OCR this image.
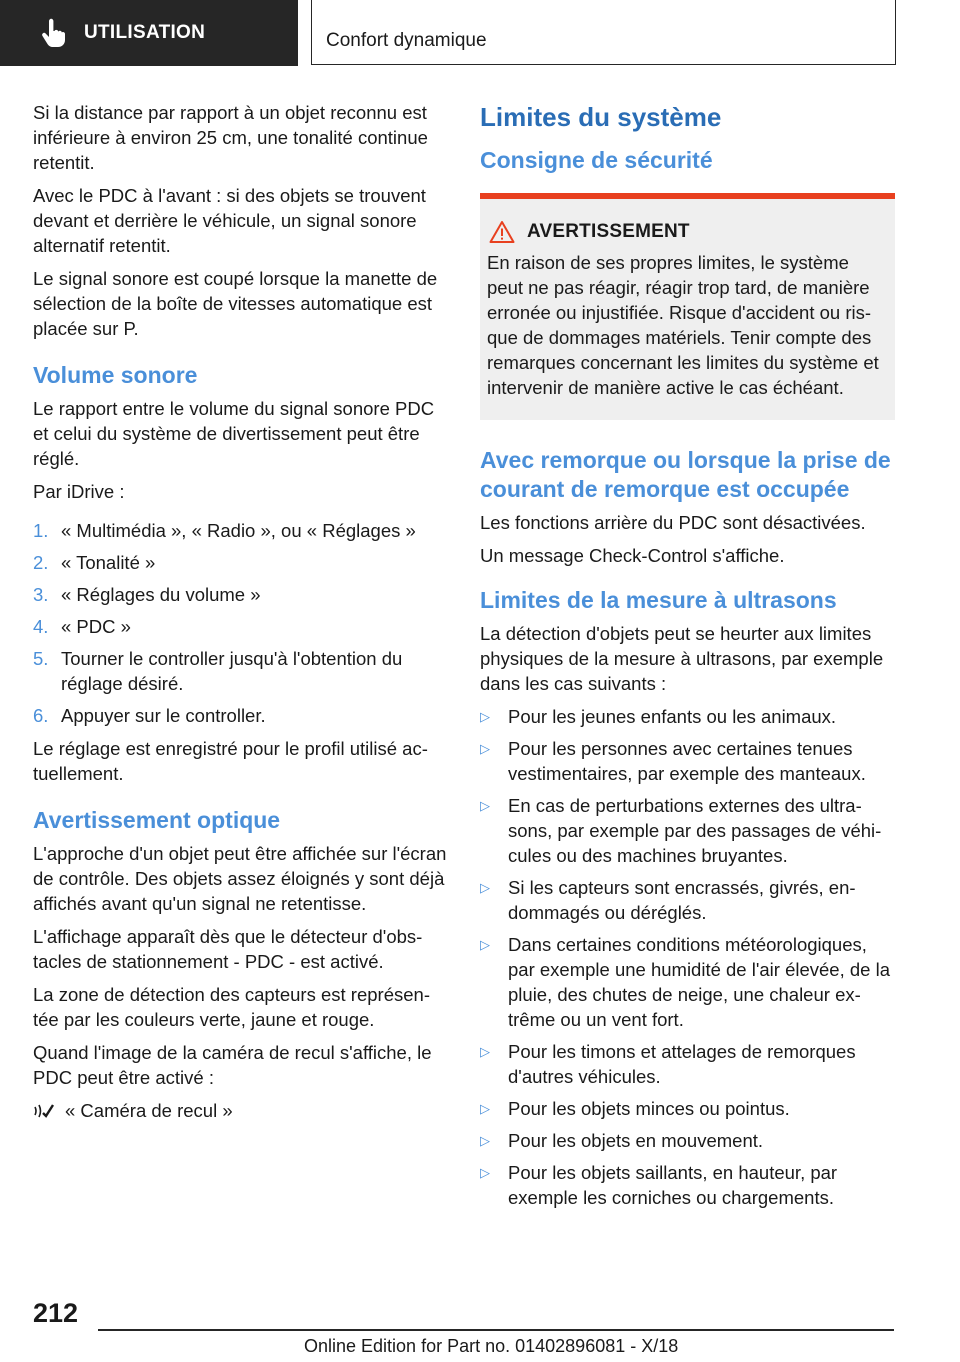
UTILISATION	Confort dynamique

Si la distance par rapport à un objet reconnu est inférieure à environ 25 cm, une tonalité continue retentit.

Avec le PDC à l'avant : si des objets se trouvent devant et derrière le véhicule, un signal sonore alternatif retentit.

Le signal sonore est coupé lorsque la manette de sélection de la boîte de vitesses automatique est placée sur P.

Volume sonore

Le rapport entre le volume du signal sonore PDC et celui du système de divertissement peut être réglé.

Par iDrive :

1. « Multimédia », « Radio », ou « Réglages »
2. « Tonalité »
3. « Réglages du volume »
4. « PDC »
5. Tourner le controller jusqu'à l'obtention du réglage désiré.
6. Appuyer sur le controller.

Le réglage est enregistré pour le profil utilisé actuellement.

Avertissement optique

L'approche d'un objet peut être affichée sur l'écran de contrôle. Des objets assez éloignés y sont déjà affichés avant qu'un signal ne retentisse.

L'affichage apparaît dès que le détecteur d'obstacles de stationnement - PDC - est activé.

La zone de détection des capteurs est représentée par les couleurs verte, jaune et rouge.

Quand l'image de la caméra de recul s'affiche, le PDC peut être activé :

« Caméra de recul »
Limites du système
Consigne de sécurité
AVERTISSEMENT
En raison de ses propres limites, le système peut ne pas réagir, réagir trop tard, de manière erronée ou injustifiée. Risque d'accident ou risque de dommages matériels. Tenir compte des remarques concernant les limites du système et intervenir de manière active le cas échéant.
Avec remorque ou lorsque la prise de courant de remorque est occupée

Les fonctions arrière du PDC sont désactivées.

Un message Check-Control s'affiche.

Limites de la mesure à ultrasons

La détection d'objets peut se heurter aux limites physiques de la mesure à ultrasons, par exemple dans les cas suivants :

▷ Pour les jeunes enfants ou les animaux.
▷ Pour les personnes avec certaines tenues vestimentaires, par exemple des manteaux.
▷ En cas de perturbations externes des ultrasons, par exemple par des passages de véhicules ou des machines bruyantes.
▷ Si les capteurs sont encrassés, givrés, endommagés ou déréglés.
▷ Dans certaines conditions météorologiques, par exemple une humidité de l'air élevée, de la pluie, des chutes de neige, une chaleur extrême ou un vent fort.
▷ Pour les timons et attelages de remorques d'autres véhicules.
▷ Pour les objets minces ou pointus.
▷ Pour les objets en mouvement.
▷ Pour les objets saillants, en hauteur, par exemple les corniches ou chargements.
212
Online Edition for Part no. 01402896081 - X/18
